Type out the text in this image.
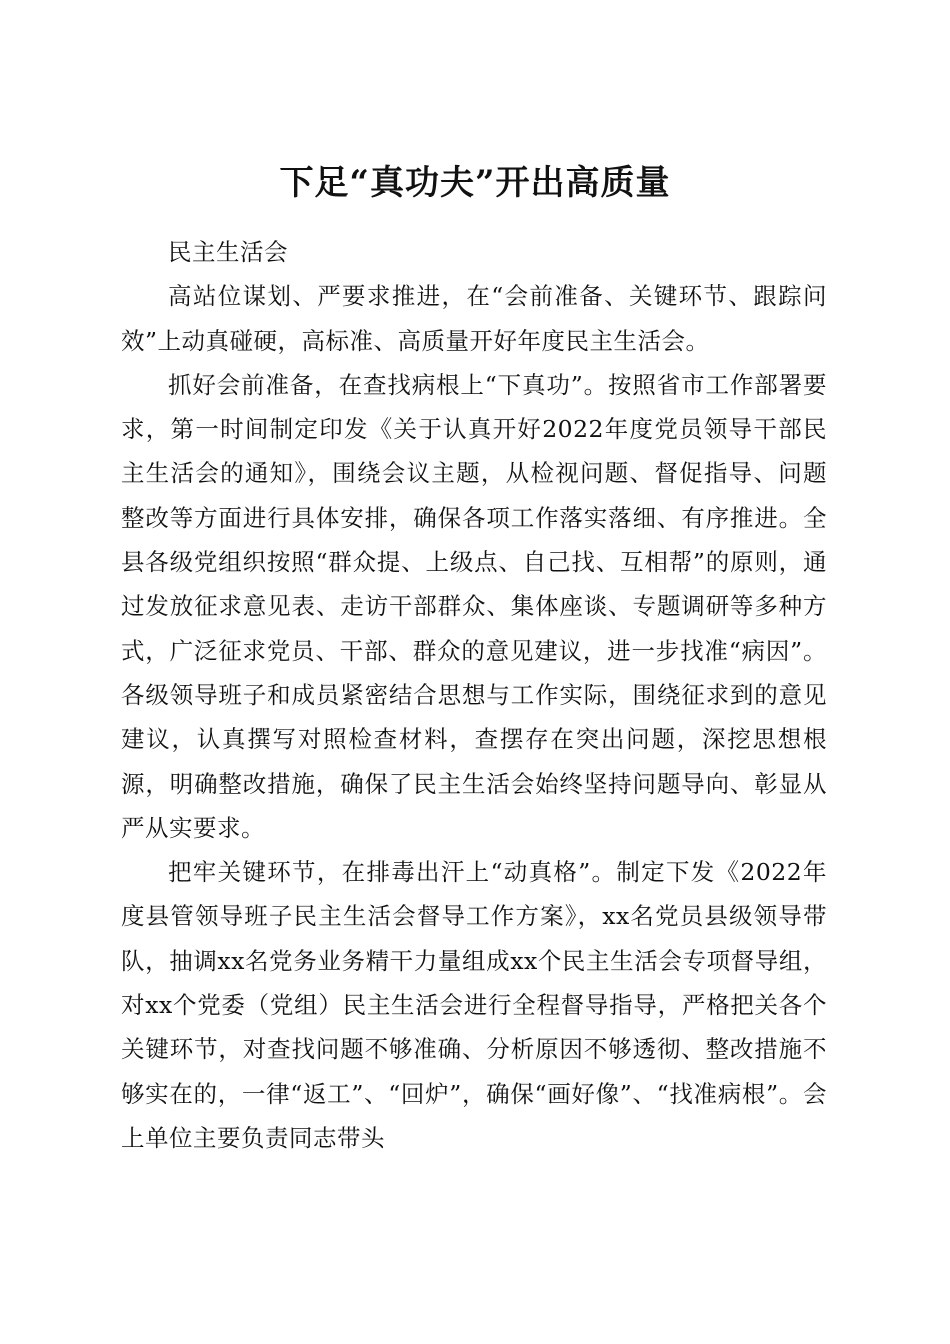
下足“真功夫”开出高质量

民主生活会

高站位谋划、严要求推进，在“会前准备、关键环节、跟踪问效”上动真碰硬，高标准、高质量开好年度民主生活会。

抓好会前准备，在查找病根上“下真功”。按照省市工作部署要求，第一时间制定印发《关于认真开好2022年度党员领导干部民主生活会的通知》，围绕会议主题，从检视问题、督促指导、问题整改等方面进行具体安排，确保各项工作落实落细、有序推进。全县各级党组织按照“群众提、上级点、自己找、互相帮”的原则，通过发放征求意见表、走访干部群众、集体座谈、专题调研等多种方式，广泛征求党员、干部、群众的意见建议，进一步找准“病因”。各级领导班子和成员紧密结合思想与工作实际，围绕征求到的意见建议，认真撰写对照检查材料，查摆存在突出问题，深挖思想根源，明确整改措施，确保了民主生活会始终坚持问题导向、彰显从严从实要求。

把牢关键环节，在排毒出汗上“动真格”。制定下发《2022年度县管领导班子民主生活会督导工作方案》，xx名党员县级领导带队，抽调xx名党务业务精干力量组成xx个民主生活会专项督导组，对xx个党委（党组）民主生活会进行全程督导指导，严格把关各个关键环节，对查找问题不够准确、分析原因不够透彻、整改措施不够实在的，一律“返工”、“回炉”，确保“画好像”、“找准病根”。会上单位主要负责同志带头
